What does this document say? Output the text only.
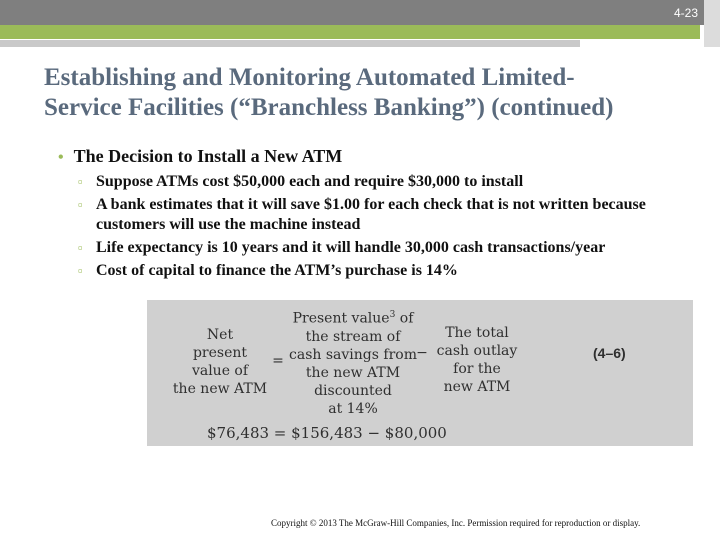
4-23
Establishing and Monitoring Automated Limited-
Service Facilities (“Branchless Banking”) (continued)
• The Decision to Install a New ATM
▫ Suppose ATMs cost $50,000 each and require $30,000 to install
▫ A bank estimates that it will save $1.00 for each check that is not written because customers will use the machine instead
▫ Life expectancy is 10 years and it will handle 30,000 cash transactions/year
▫ Cost of capital to finance the ATM’s purchase is 14%
Net
present
value of
the new ATM
=
Present value$^3$ of
the stream of
cash savings from
the new ATM
discounted
at 14%
−
The total
cash outlay
for the
new ATM
(4–6)
$76,483 = $156,483 − $80,000
Copyright © 2013 The McGraw-Hill Companies, Inc. Permission required for reproduction or display.
